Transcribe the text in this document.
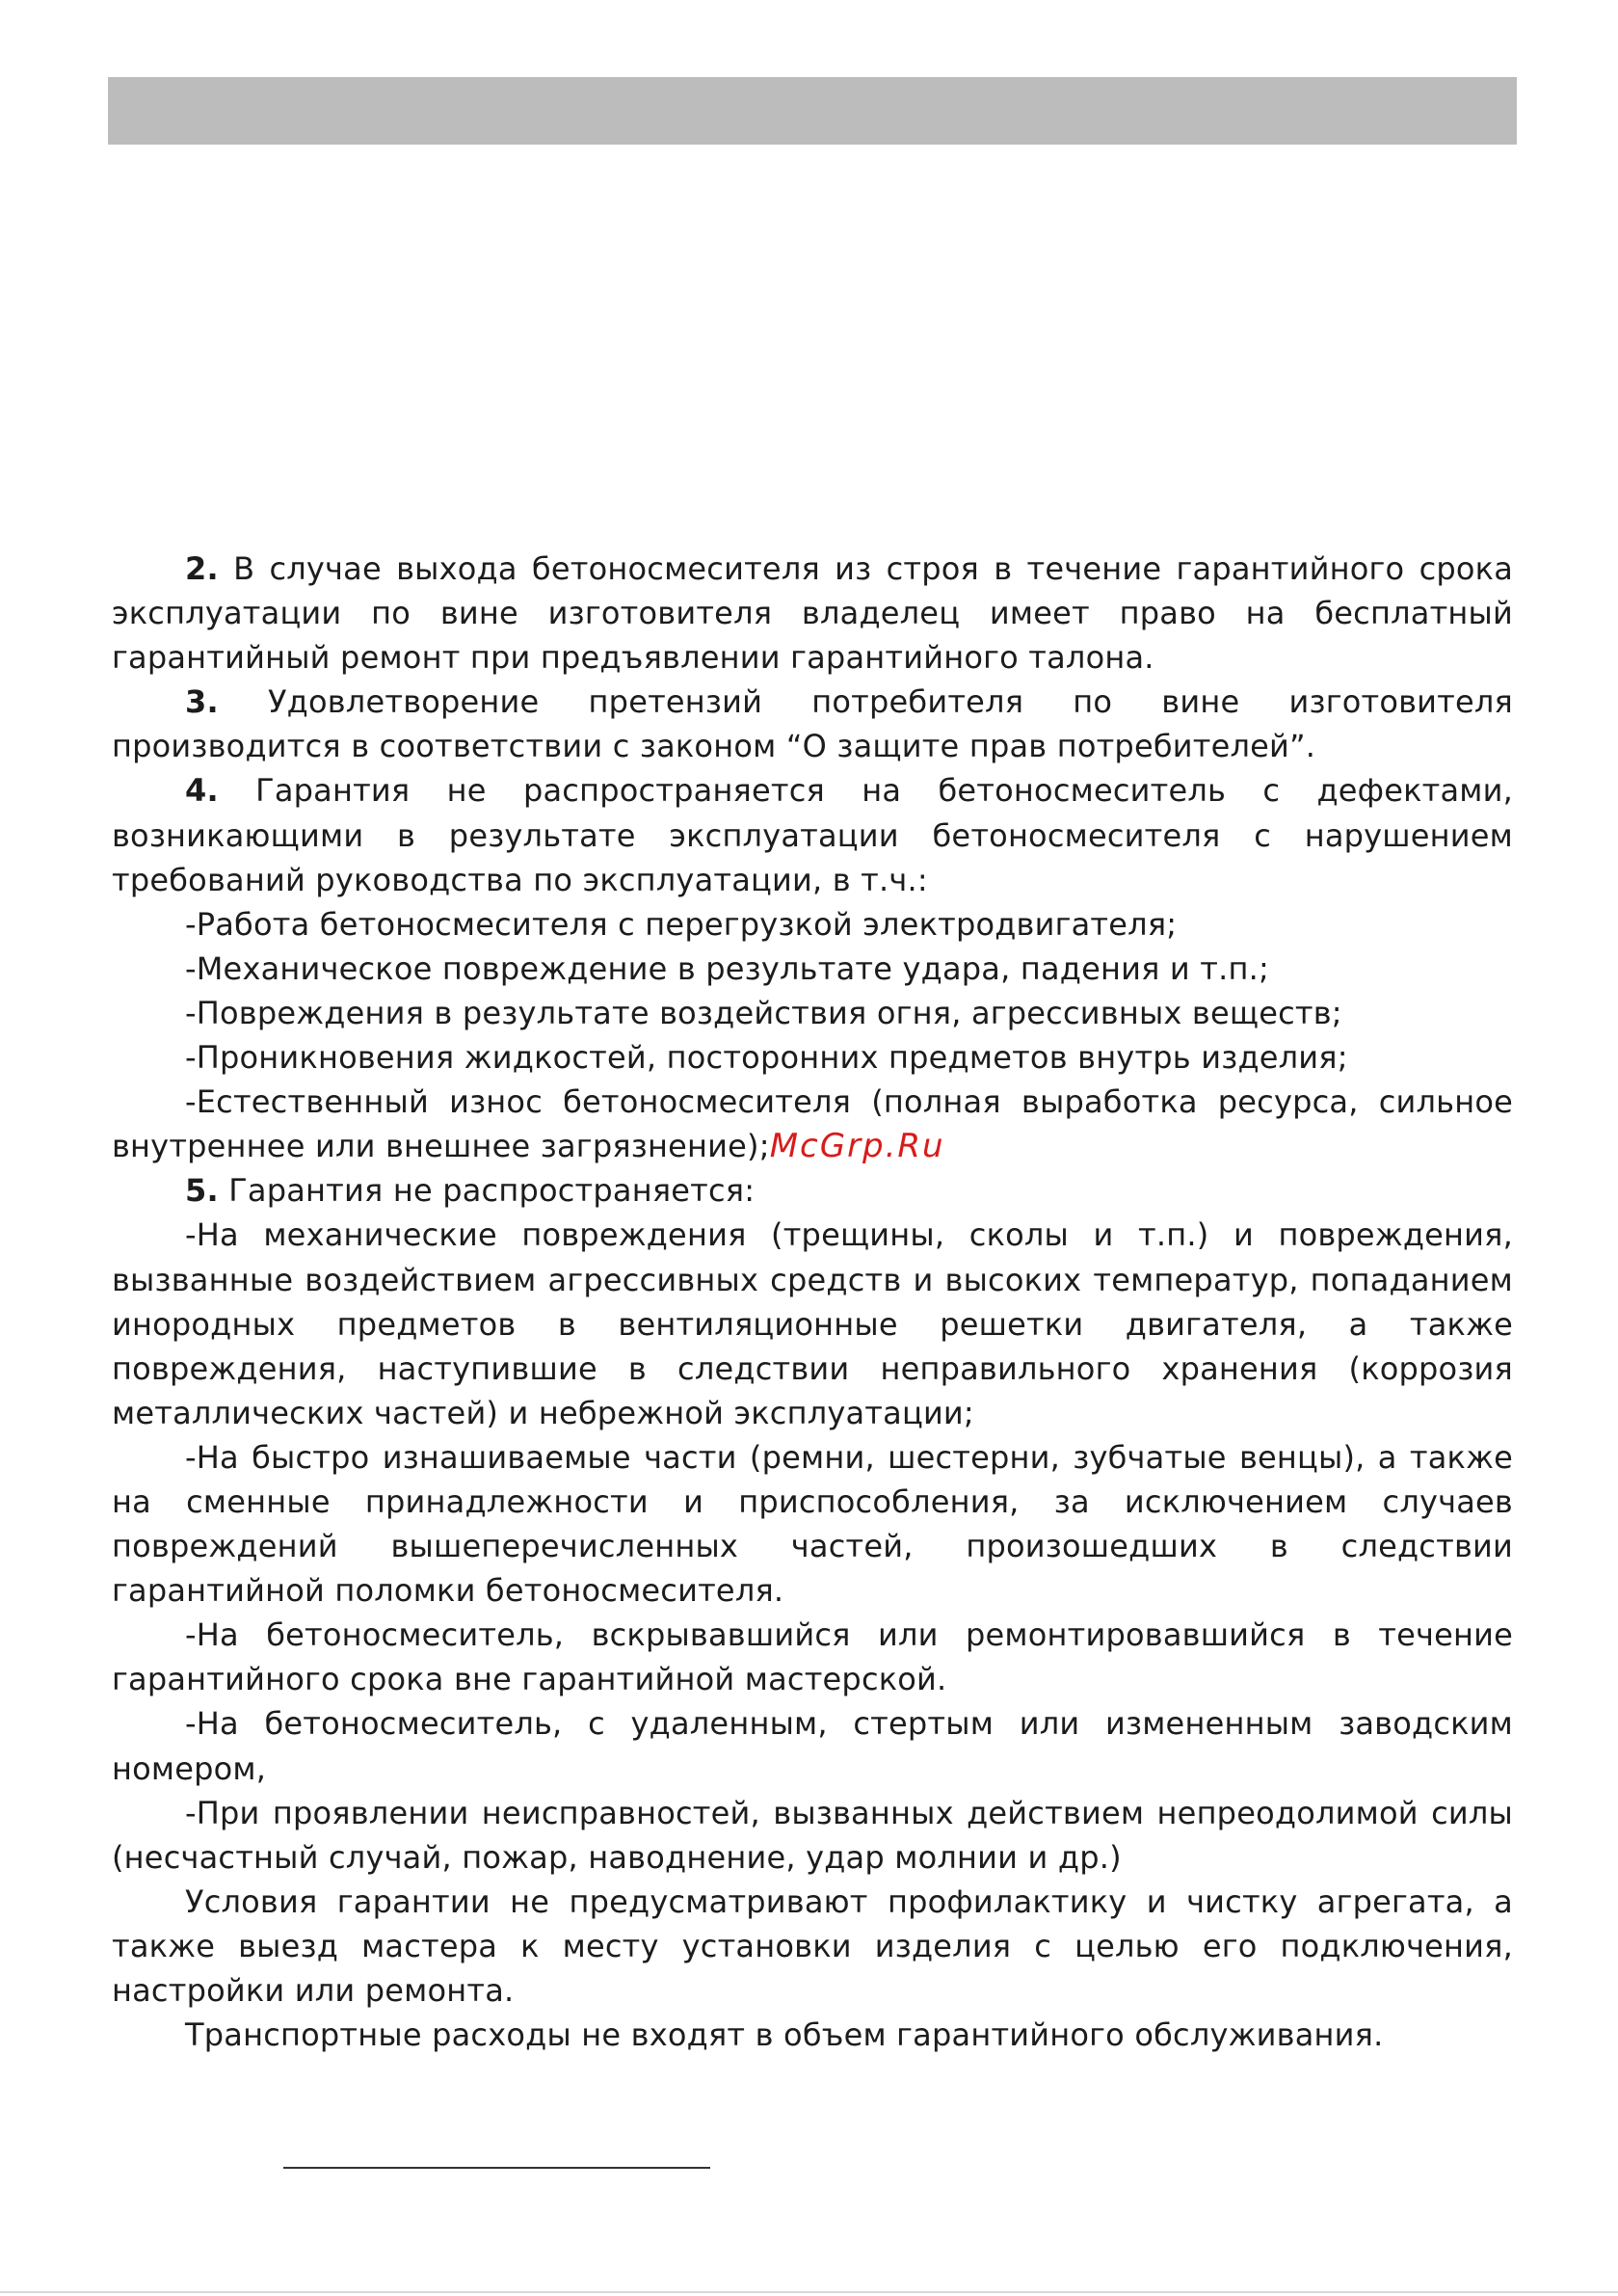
2. В случае выхода бетоносмесителя из строя в течение гарантийного срока эксплуатации по вине изготовителя владелец имеет право на бесплатный гарантийный ремонт при предъявлении гарантийного талона.

3. Удовлетворение претензий потребителя по вине изготовителя производится в соответствии с законом “О защите прав потребителей”.

4. Гарантия не распространяется на бетоносмеситель с дефектами, возникающими в результате эксплуатации бетоносмесителя с нарушением требований руководства по эксплуатации, в т.ч.:

-Работа бетоносмесителя с перегрузкой электродвигателя;

-Механическое повреждение в результате удара, падения и т.п.;

-Повреждения в результате воздействия огня, агрессивных веществ;

-Проникновения жидкостей, посторонних предметов внутрь изделия;

-Естественный износ бетоносмесителя (полная выработка ресурса, сильное внутреннее или внешнее загрязнение);McGrp.Ru

5. Гарантия не распространяется:

-На механические повреждения (трещины, сколы и т.п.) и повреждения, вызванные воздействием агрессивных средств и высоких температур, попаданием инородных предметов в вентиляционные решетки двигателя, а также повреждения, наступившие в следствии неправильного хранения (коррозия металлических частей) и небрежной эксплуатации;

-На быстро изнашиваемые части (ремни, шестерни, зубчатые венцы), а также на сменные принадлежности и приспособления, за исключением случаев повреждений вышеперечисленных частей, произошедших в следствии гарантийной поломки бетоносмесителя.

-На бетоносмеситель, вскрывавшийся или ремонтировавшийся в течение гарантийного срока вне гарантийной мастерской.

-На бетоносмеситель, с удаленным, стертым или измененным заводским номером,

-При проявлении неисправностей, вызванных действием непреодолимой силы (несчастный случай, пожар, наводнение, удар молнии и др.)

Условия гарантии не предусматривают профилактику и чистку агрегата, а также выезд мастера к месту установки изделия с целью его подключения, настройки или ремонта.

Транспортные расходы не входят в объем гарантийного обслуживания.
